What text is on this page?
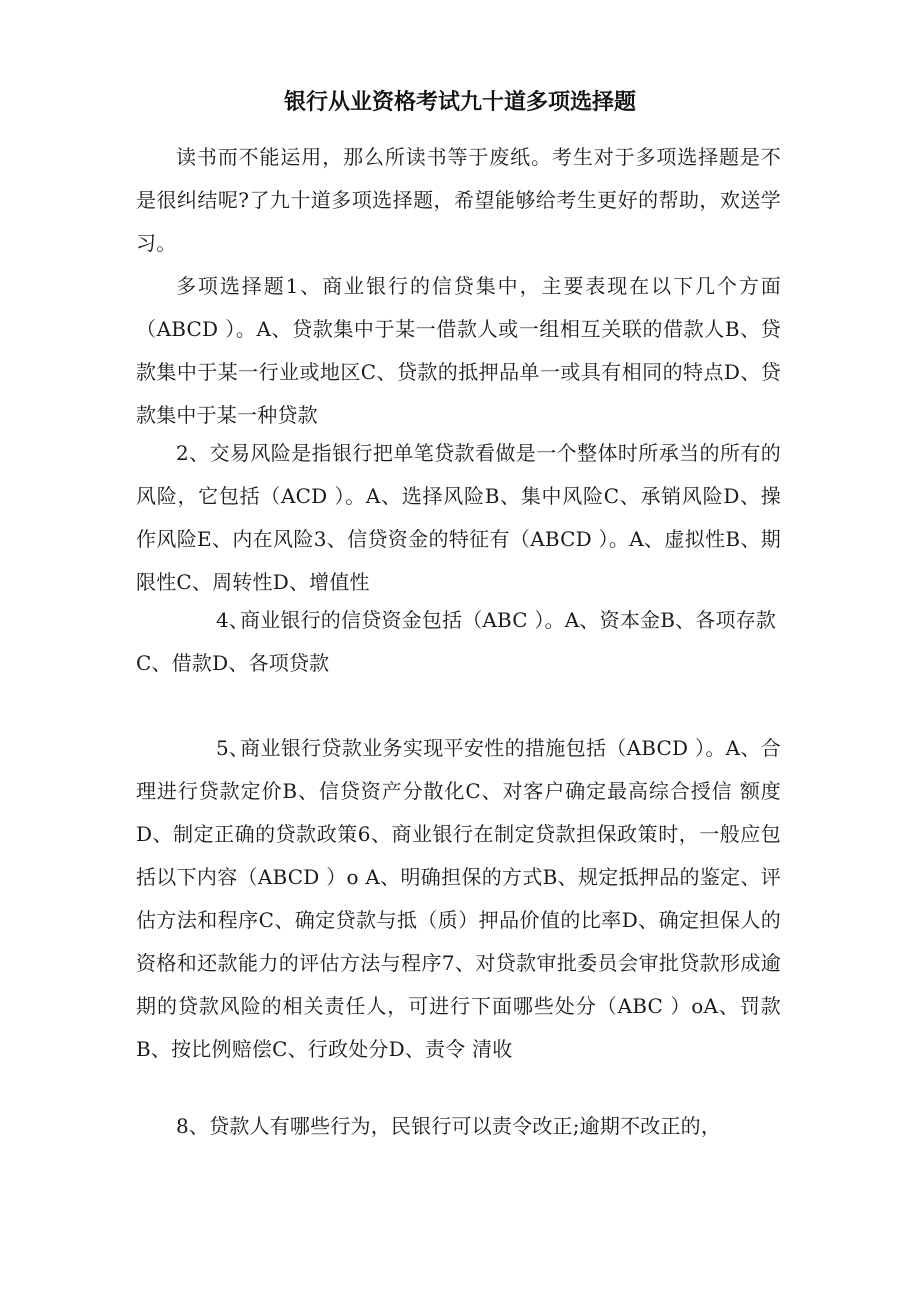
银行从业资格考试九十道多项选择题

读书而不能运用，那么所读书等于废纸。考生对于多项选择题是不是很纠结呢?了九十道多项选择题，希望能够给考生更好的帮助，欢送学习。

多项选择题1、商业银行的信贷集中，主要表现在以下几个方面（ABCD ）。A、贷款集中于某一借款人或一组相互关联的借款人B、贷款集中于某一行业或地区C、贷款的抵押品单一或具有相同的特点D、贷款集中于某一种贷款

2、交易风险是指银行把单笔贷款看做是一个整体时所承当的所有的风险，它包括（ACD ）。A、选择风险B、集中风险C、承销风险D、操作风险E、内在风险3、信贷资金的特征有（ABCD ）。A、虚拟性B、期限性C、周转性D、增值性

4、商业银行的信贷资金包括（ABC ）。A、资本金B、各项存款

C、借款D、各项贷款

5、商业银行贷款业务实现平安性的措施包括（ABCD ）。A、合 理进行贷款定价B、信贷资产分散化C、对客户确定最高综合授信 额度D、制定正确的贷款政策6、商业银行在制定贷款担保政策时，一般应包括以下内容（ABCD ）o A、明确担保的方式B、规定抵押品的鉴定、评估方法和程序C、确定贷款与抵（质）押品价值的比率D、确定担保人的资格和还款能力的评估方法与程序7、对贷款审批委员会审批贷款形成逾期的贷款风险的相关责任人，可进行下面哪些处分（ABC ）oA、罚款B、按比例赔偿C、行政处分D、责令 清收

8、贷款人有哪些行为，民银行可以责令改正;逾期不改正的，
